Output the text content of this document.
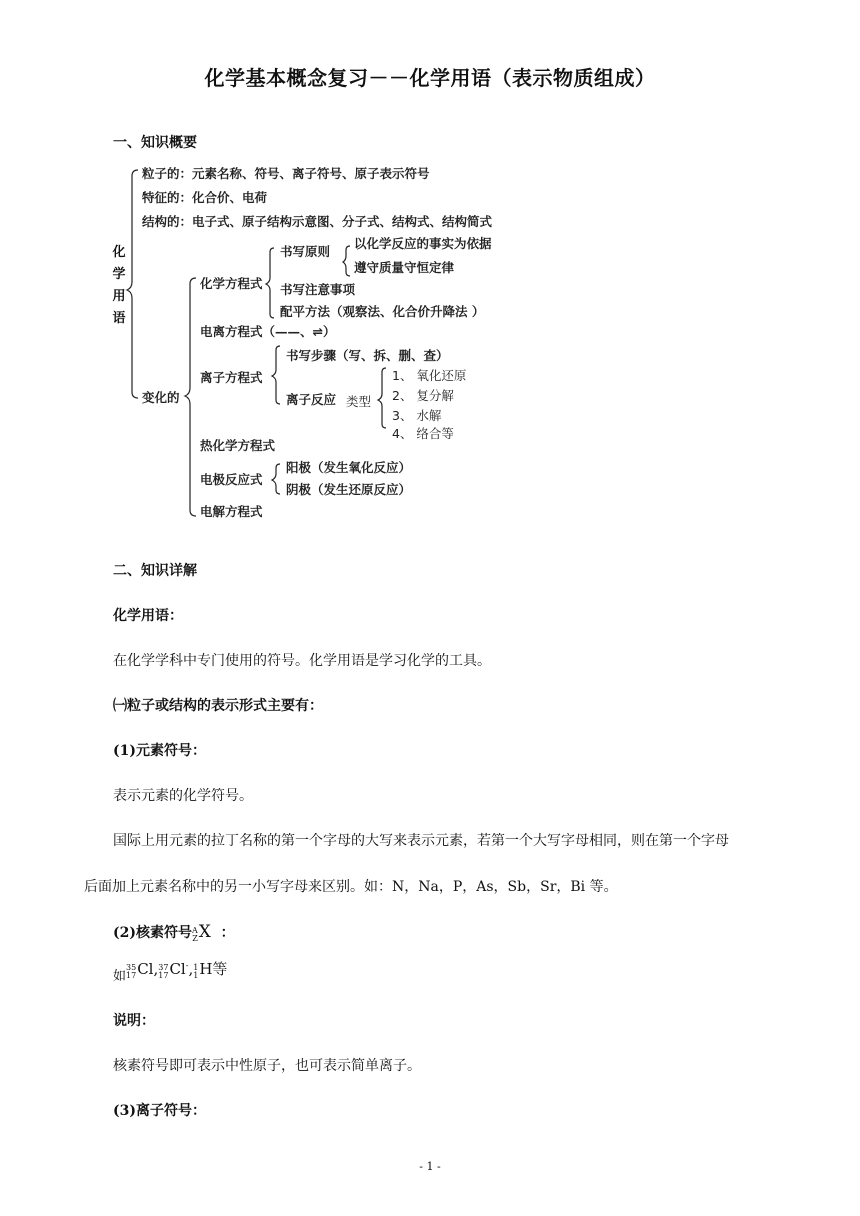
化学基本概念复习－－化学用语（表示物质组成）
一、知识概要
化
学
用
语
粒子的：元素名称、符号、离子符号、原子表示符号
特征的：化合价、电荷
结构的：电子式、原子结构示意图、分子式、结构式、结构简式
变化的
化学方程式
书写原则
以化学反应的事实为依据
遵守质量守恒定律
书写注意事项
配平方法（观察法、化合价升降法 ）
电离方程式（——、⇌）
离子方程式
书写步骤（写、拆、删、查）
离子反应 类型
1、 氧化还原
2、 复分解
3、 水解
4、 络合等
热化学方程式
电极反应式
阳极（发生氧化反应）
阴极（发生还原反应）
电解方程式
二、知识详解
化学用语：
在化学学科中专门使用的符号。化学用语是学习化学的工具。
㈠粒子或结构的表示形式主要有：
(1)元素符号：
表示元素的化学符号。
国际上用元素的拉丁名称的第一个字母的大写来表示元素，若第一个大写字母相同，则在第一个字母
后面加上元素名称中的另一小写字母来区别。如：N，Na，P，As，Sb，Sr，Bi 等。
(2)核素符号A
ZX ：
如35
17Cl,37
17Cl-,1
1H等
说明：
核素符号即可表示中性原子，也可表示简单离子。
(3)离子符号：
- 1 -
